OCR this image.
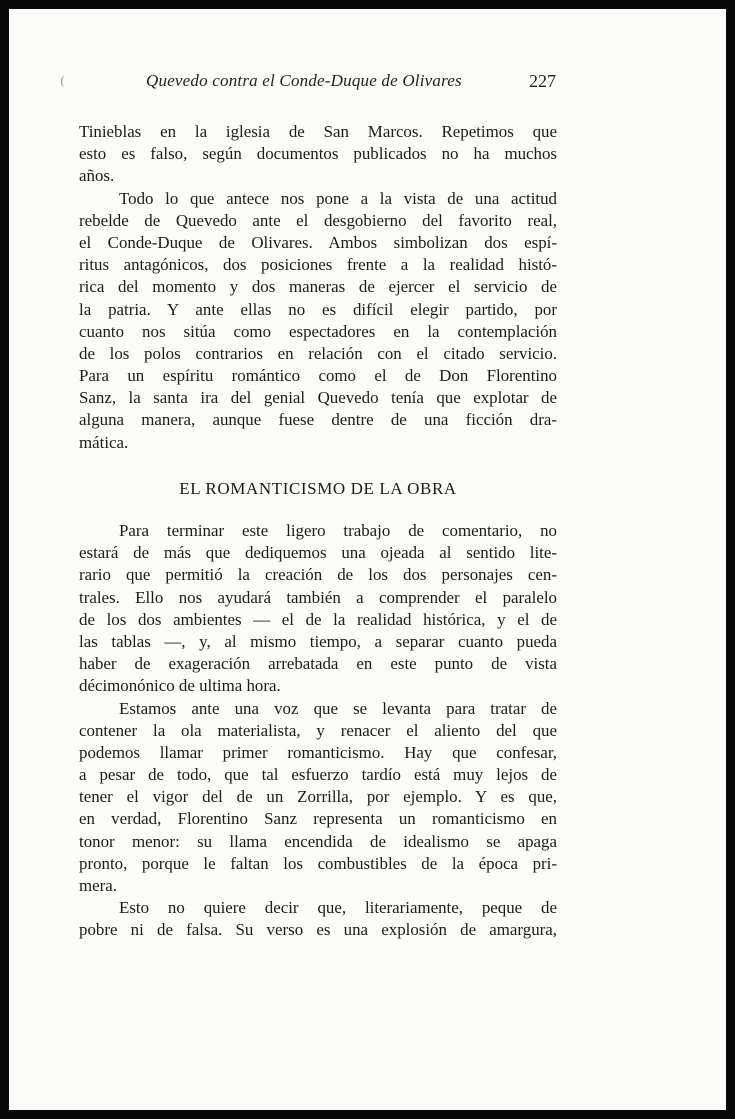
(	Quevedo contra el Conde-Duque de Olivares	227
Tinieblas en la iglesia de San Marcos. Repetimos que
esto es falso, según documentos publicados no ha muchos
años.
Todo lo que antece nos pone a la vista de una actitud
rebelde de Quevedo ante el desgobierno del favorito real,
el Conde-Duque de Olivares. Ambos simbolizan dos espí-
ritus antagónicos, dos posiciones frente a la realidad histó-
rica del momento y dos maneras de ejercer el servicio de
la patria. Y ante ellas no es difícil elegir partido, por
cuanto nos sitúa como espectadores en la contemplación
de los polos contrarios en relación con el citado servicio.
Para un espíritu romántico como el de Don Florentino
Sanz, la santa ira del genial Quevedo tenía que explotar de
alguna manera, aunque fuese dentre de una ficción dra-
mática.
EL ROMANTICISMO DE LA OBRA
Para terminar este ligero trabajo de comentario, no
estará de más que dediquemos una ojeada al sentido lite-
rario que permitió la creación de los dos personajes cen-
trales. Ello nos ayudará también a comprender el paralelo
de los dos ambientes — el de la realidad histórica, y el de
las tablas —, y, al mismo tiempo, a separar cuanto pueda
haber de exageración arrebatada en este punto de vista
décimonónico de ultima hora.
Estamos ante una voz que se levanta para tratar de
contener la ola materialista, y renacer el aliento del que
podemos llamar primer romanticismo. Hay que confesar,
a pesar de todo, que tal esfuerzo tardío está muy lejos de
tener el vigor del de un Zorrilla, por ejemplo. Y es que,
en verdad, Florentino Sanz representa un romanticismo en
tonor menor: su llama encendida de idealismo se apaga
pronto, porque le faltan los combustibles de la época pri-
mera.
Esto no quiere decir que, literariamente, peque de
pobre ni de falsa. Su verso es una explosión de amargura,
